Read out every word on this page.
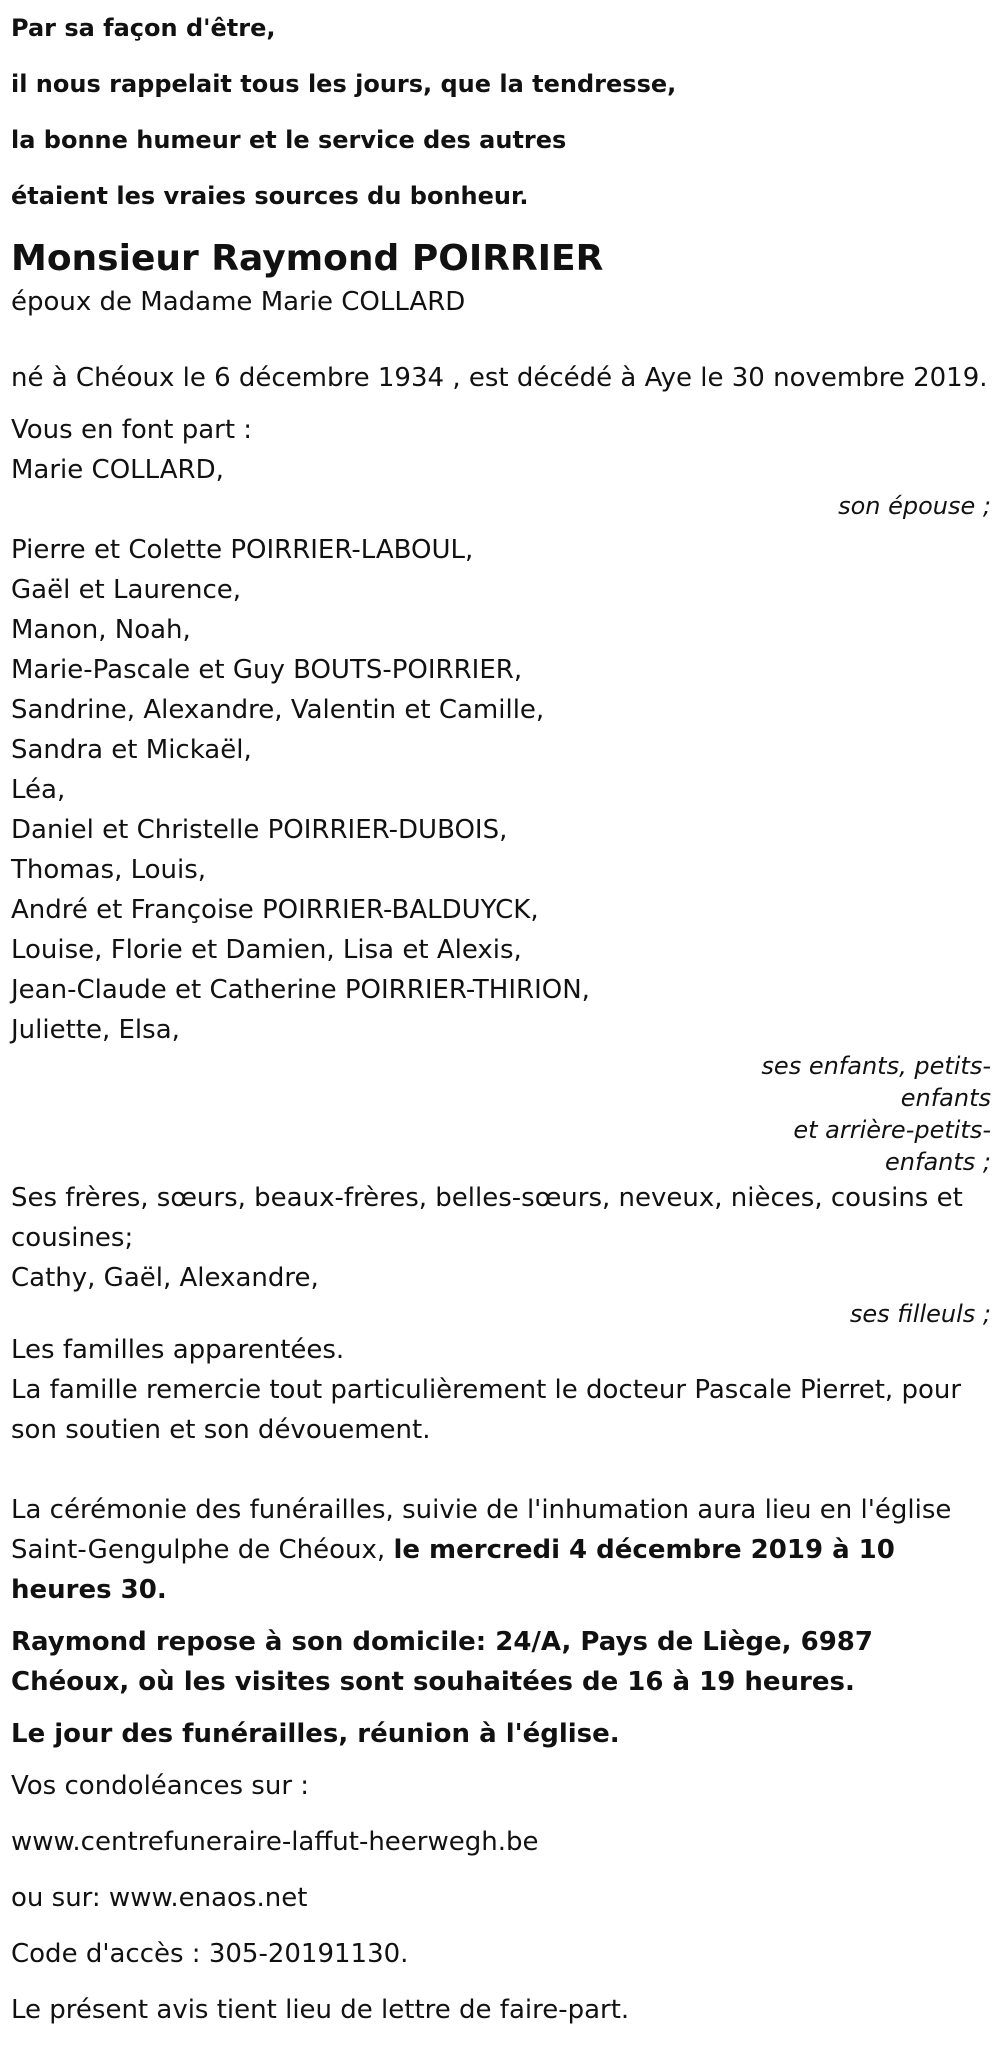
Par sa façon d'être,

il nous rappelait tous les jours, que la tendresse,

la bonne humeur et le service des autres

étaient les vraies sources du bonheur.

Monsieur Raymond POIRRIER

époux de Madame Marie COLLARD

né à Chéoux le 6 décembre 1934 , est décédé à Aye le 30 novembre 2019.

Vous en font part :

Marie COLLARD,

son épouse ;

Pierre et Colette POIRRIER-LABOUL,

Gaël et Laurence,

Manon, Noah,

Marie-Pascale et Guy BOUTS-POIRRIER,

Sandrine, Alexandre, Valentin et Camille,

Sandra et Mickaël,

Léa,

Daniel et Christelle POIRRIER-DUBOIS,

Thomas, Louis,

André et Françoise POIRRIER-BALDUYCK,

Louise, Florie et Damien, Lisa et Alexis,

Jean-Claude et Catherine POIRRIER-THIRION,

Juliette, Elsa,

ses enfants, petits-

enfants

et arrière-petits-

enfants ;

Ses frères, sœurs, beaux-frères, belles-sœurs, neveux, nièces, cousins et cousines;

Cathy, Gaël, Alexandre,

ses filleuls ;

Les familles apparentées.

La famille remercie tout particulièrement le docteur Pascale Pierret, pour son soutien et son dévouement.

La cérémonie des funérailles, suivie de l'inhumation aura lieu en l'église Saint-Gengulphe de Chéoux, le mercredi 4 décembre 2019 à 10 heures 30.

Raymond repose à son domicile: 24/A, Pays de Liège, 6987 Chéoux, où les visites sont souhaitées de 16 à 19 heures.

Le jour des funérailles, réunion à l'église.

Vos condoléances sur :

www.centrefuneraire-laffut-heerwegh.be

ou sur: www.enaos.net

Code d'accès : 305-20191130.

Le présent avis tient lieu de lettre de faire-part.
